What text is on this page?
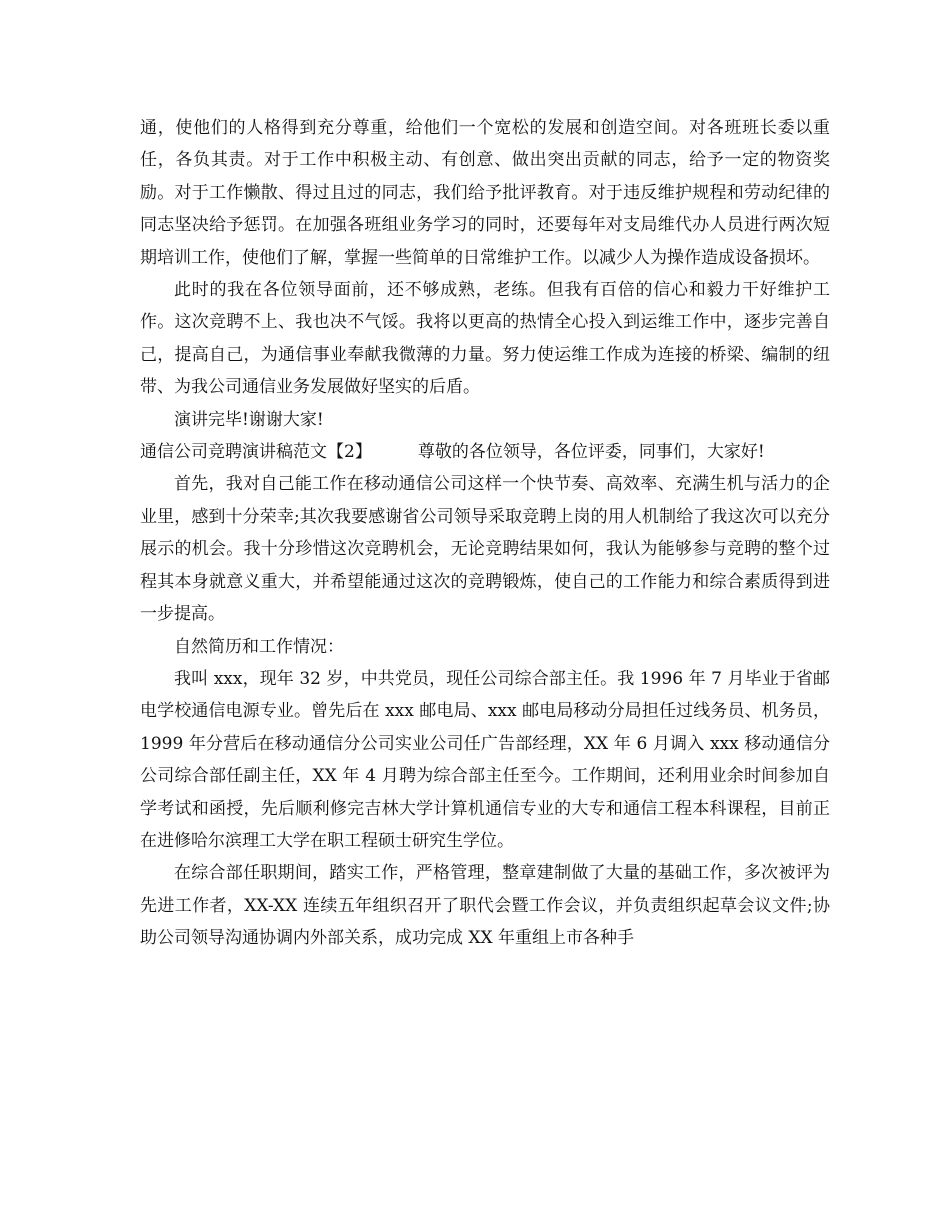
通，使他们的人格得到充分尊重，给他们一个宽松的发展和创造空间。对各班班长委以重任，各负其责。对于工作中积极主动、有创意、做出突出贡献的同志，给予一定的物资奖励。对于工作懒散、得过且过的同志，我们给予批评教育。对于违反维护规程和劳动纪律的同志坚决给予惩罚。在加强各班组业务学习的同时，还要每年对支局维代办人员进行两次短期培训工作，使他们了解，掌握一些简单的日常维护工作。以减少人为操作造成设备损坏。

此时的我在各位领导面前，还不够成熟，老练。但我有百倍的信心和毅力干好维护工作。这次竞聘不上、我也决不气馁。我将以更高的热情全心投入到运维工作中，逐步完善自己，提高自己，为通信事业奉献我微薄的力量。努力使运维工作成为连接的桥梁、编制的纽带、为我公司通信业务发展做好坚实的后盾。

演讲完毕!谢谢大家!

通信公司竞聘演讲稿范文【2】	尊敬的各位领导，各位评委，同事们，大家好!

首先，我对自己能工作在移动通信公司这样一个快节奏、高效率、充满生机与活力的企业里，感到十分荣幸;其次我要感谢省公司领导采取竞聘上岗的用人机制给了我这次可以充分展示的机会。我十分珍惜这次竞聘机会，无论竞聘结果如何，我认为能够参与竞聘的整个过程其本身就意义重大，并希望能通过这次的竞聘锻炼，使自己的工作能力和综合素质得到进一步提高。

自然简历和工作情况：

我叫 xxx，现年 32 岁，中共党员，现任公司综合部主任。我 1996 年 7 月毕业于省邮电学校通信电源专业。曾先后在 xxx 邮电局、xxx 邮电局移动分局担任过线务员、机务员，1999 年分营后在移动通信分公司实业公司任广告部经理，XX 年 6 月调入 xxx 移动通信分公司综合部任副主任，XX 年 4 月聘为综合部主任至今。工作期间，还利用业余时间参加自学考试和函授，先后顺利修完吉林大学计算机通信专业的大专和通信工程本科课程，目前正在进修哈尔滨理工大学在职工程硕士研究生学位。

在综合部任职期间，踏实工作，严格管理，整章建制做了大量的基础工作，多次被评为先进工作者，XX-XX 连续五年组织召开了职代会暨工作会议，并负责组织起草会议文件;协助公司领导沟通协调内外部关系，成功完成 XX 年重组上市各种手
